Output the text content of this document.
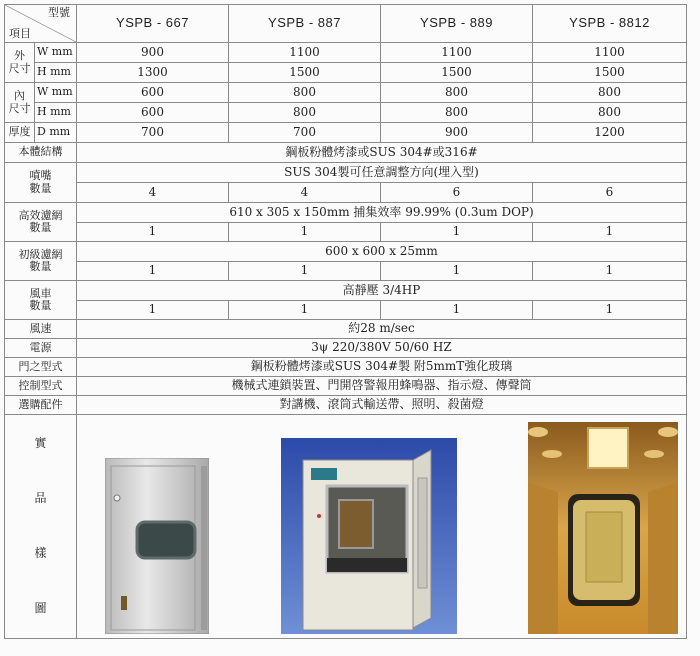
型號
項目		YSPB - 667	YSPB - 887	YSPB - 889	YSPB - 8812

外
尺寸	W mm	900	1100	1100	1100
	H mm	1300	1500	1500	1500

內
尺寸	W mm	600	800	800	800
	H mm	600	800	800	800
厚度	D mm	700	700	900	1200
本體結構		鋼板粉體烤漆或SUS 304#或316#			

噴嘴
數量		SUS 304製可任意調整方向(埋入型)			
		4	4	6	6

高效濾網
數量		610 x 305 x 150mm 捕集效率 99.99% (0.3um DOP)			
		1	1	1	1

初級濾網
數量		600 x 600 x 25mm			
		1	1	1	1

風車
數量		高靜壓 3/4HP			
		1	1	1	1
風速		約28 m/sec			
電源		3ψ 220/380V 50/60 HZ			
門之型式		鋼板粉體烤漆或SUS 304#製 附5mmT強化玻璃			
控制型式		機械式連鎖裝置、門開啓警報用蜂鳴器、指示燈、傳聲筒			
選購配件		對講機、滾筒式輸送帶、照明、殺菌燈			

實
品
樣
圖
